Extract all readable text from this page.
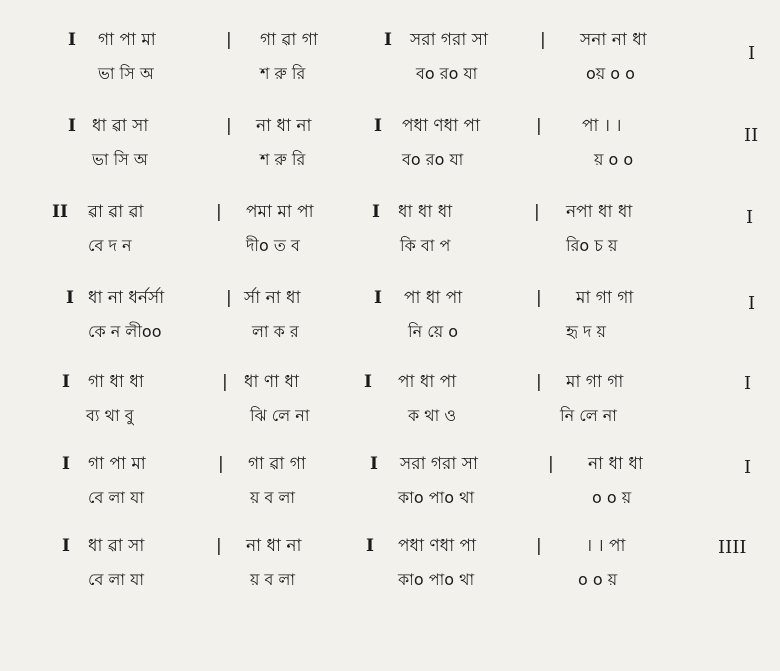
I গা পা মা	| গা ৱা গা	I সরা গরা সা	| সনা না ধা
ভা সি অ	শ রু রি	বo রo যা	oয় o o
I
I ধা ৱা সা	| না ধা না	I পধা ণধা পা	| পা । ।
ভা সি অ	শ রু রি	বo রo যা	য় o o
II
II ৱা ৱা ৱা	| পমা মা পা	I ধা ধা ধা	| নপা ধা ধা
বে দ ন	দীo ত ব	কি বা প	রিo চ য়
I
I ধা না ধর্নর্সা	| র্সা না ধা	I পা ধা পা	| মা গা গা
কে ন লীoo	লা ক র	নি য়ে o	হৃ দ য়
I
I গা ধা ধা	| ধা ণা ধা	I পা ধা পা	| মা গা গা
ব্য থা বু	ঝি লে না	ক থা ও	নি লে না
I
I গা পা মা	| গা ৱা গা	I সরা গরা সা	| না ধা ধা
বে লা যা	য় ব লা	কাo পাo থা	o o য়
I
I ধা ৱা সা	| না ধা না	I পধা ণধা পা	|	। । পা
বে লা যা	য় ব লা	কাo পাo থা	o o য়
IIII
